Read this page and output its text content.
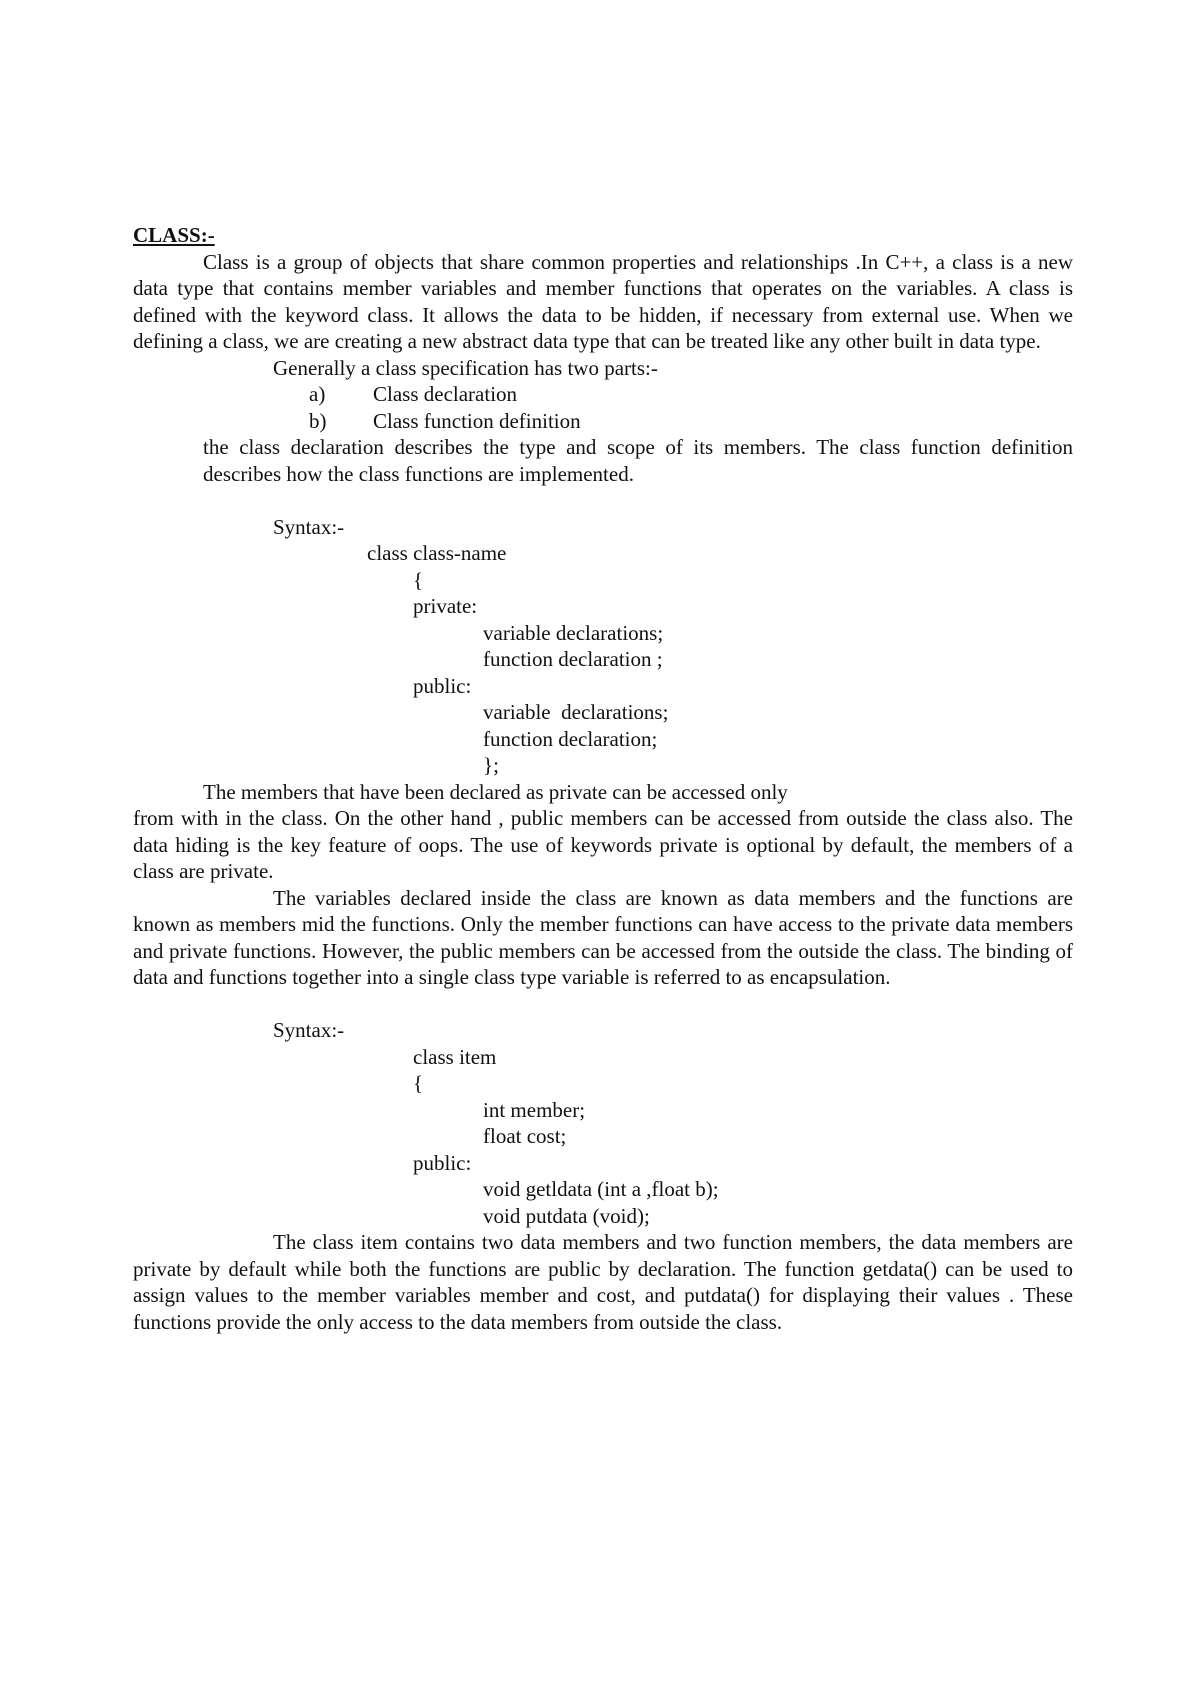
CLASS:-

Class is a group of objects that share common properties and relationships .In C++, a class is a new data type that contains member variables and member functions that operates on the variables. A class is defined with the keyword class. It allows the data to be hidden, if necessary from external use. When we defining a class, we are creating a new abstract data type that can be treated like any other built in data type.

Generally a class specification has two parts:-
a)	Class declaration
b)	Class function definition

the class declaration describes the type and scope of its members. The class function definition describes how the class functions are implemented.

Syntax:-
class class-name
{
private:
variable declarations;
function declaration ;
public:
variable  declarations;
function declaration;
};
The members that have been declared as private can be accessed only

from with in the class. On the other hand , public members can be accessed from outside the class also. The data hiding is the key feature of oops. The use of keywords private is optional by default, the members of a class are private.

The variables declared inside the class are known as data members and the functions are known as members mid the functions. Only the member functions can have access to the private data members and private functions. However, the public members can be accessed from the outside the class. The binding of data and functions together into a single class type variable is referred to as encapsulation.

Syntax:-
class item
{
int member;
float cost;
public:
void getldata (int a ,float b);
void putdata (void);

The class item contains two data members and two function members, the data members are private by default while both the functions are public by declaration. The function getdata() can be used to assign values to the member variables member and cost, and putdata() for displaying their values . These functions provide the only access to the data members from outside the class.
